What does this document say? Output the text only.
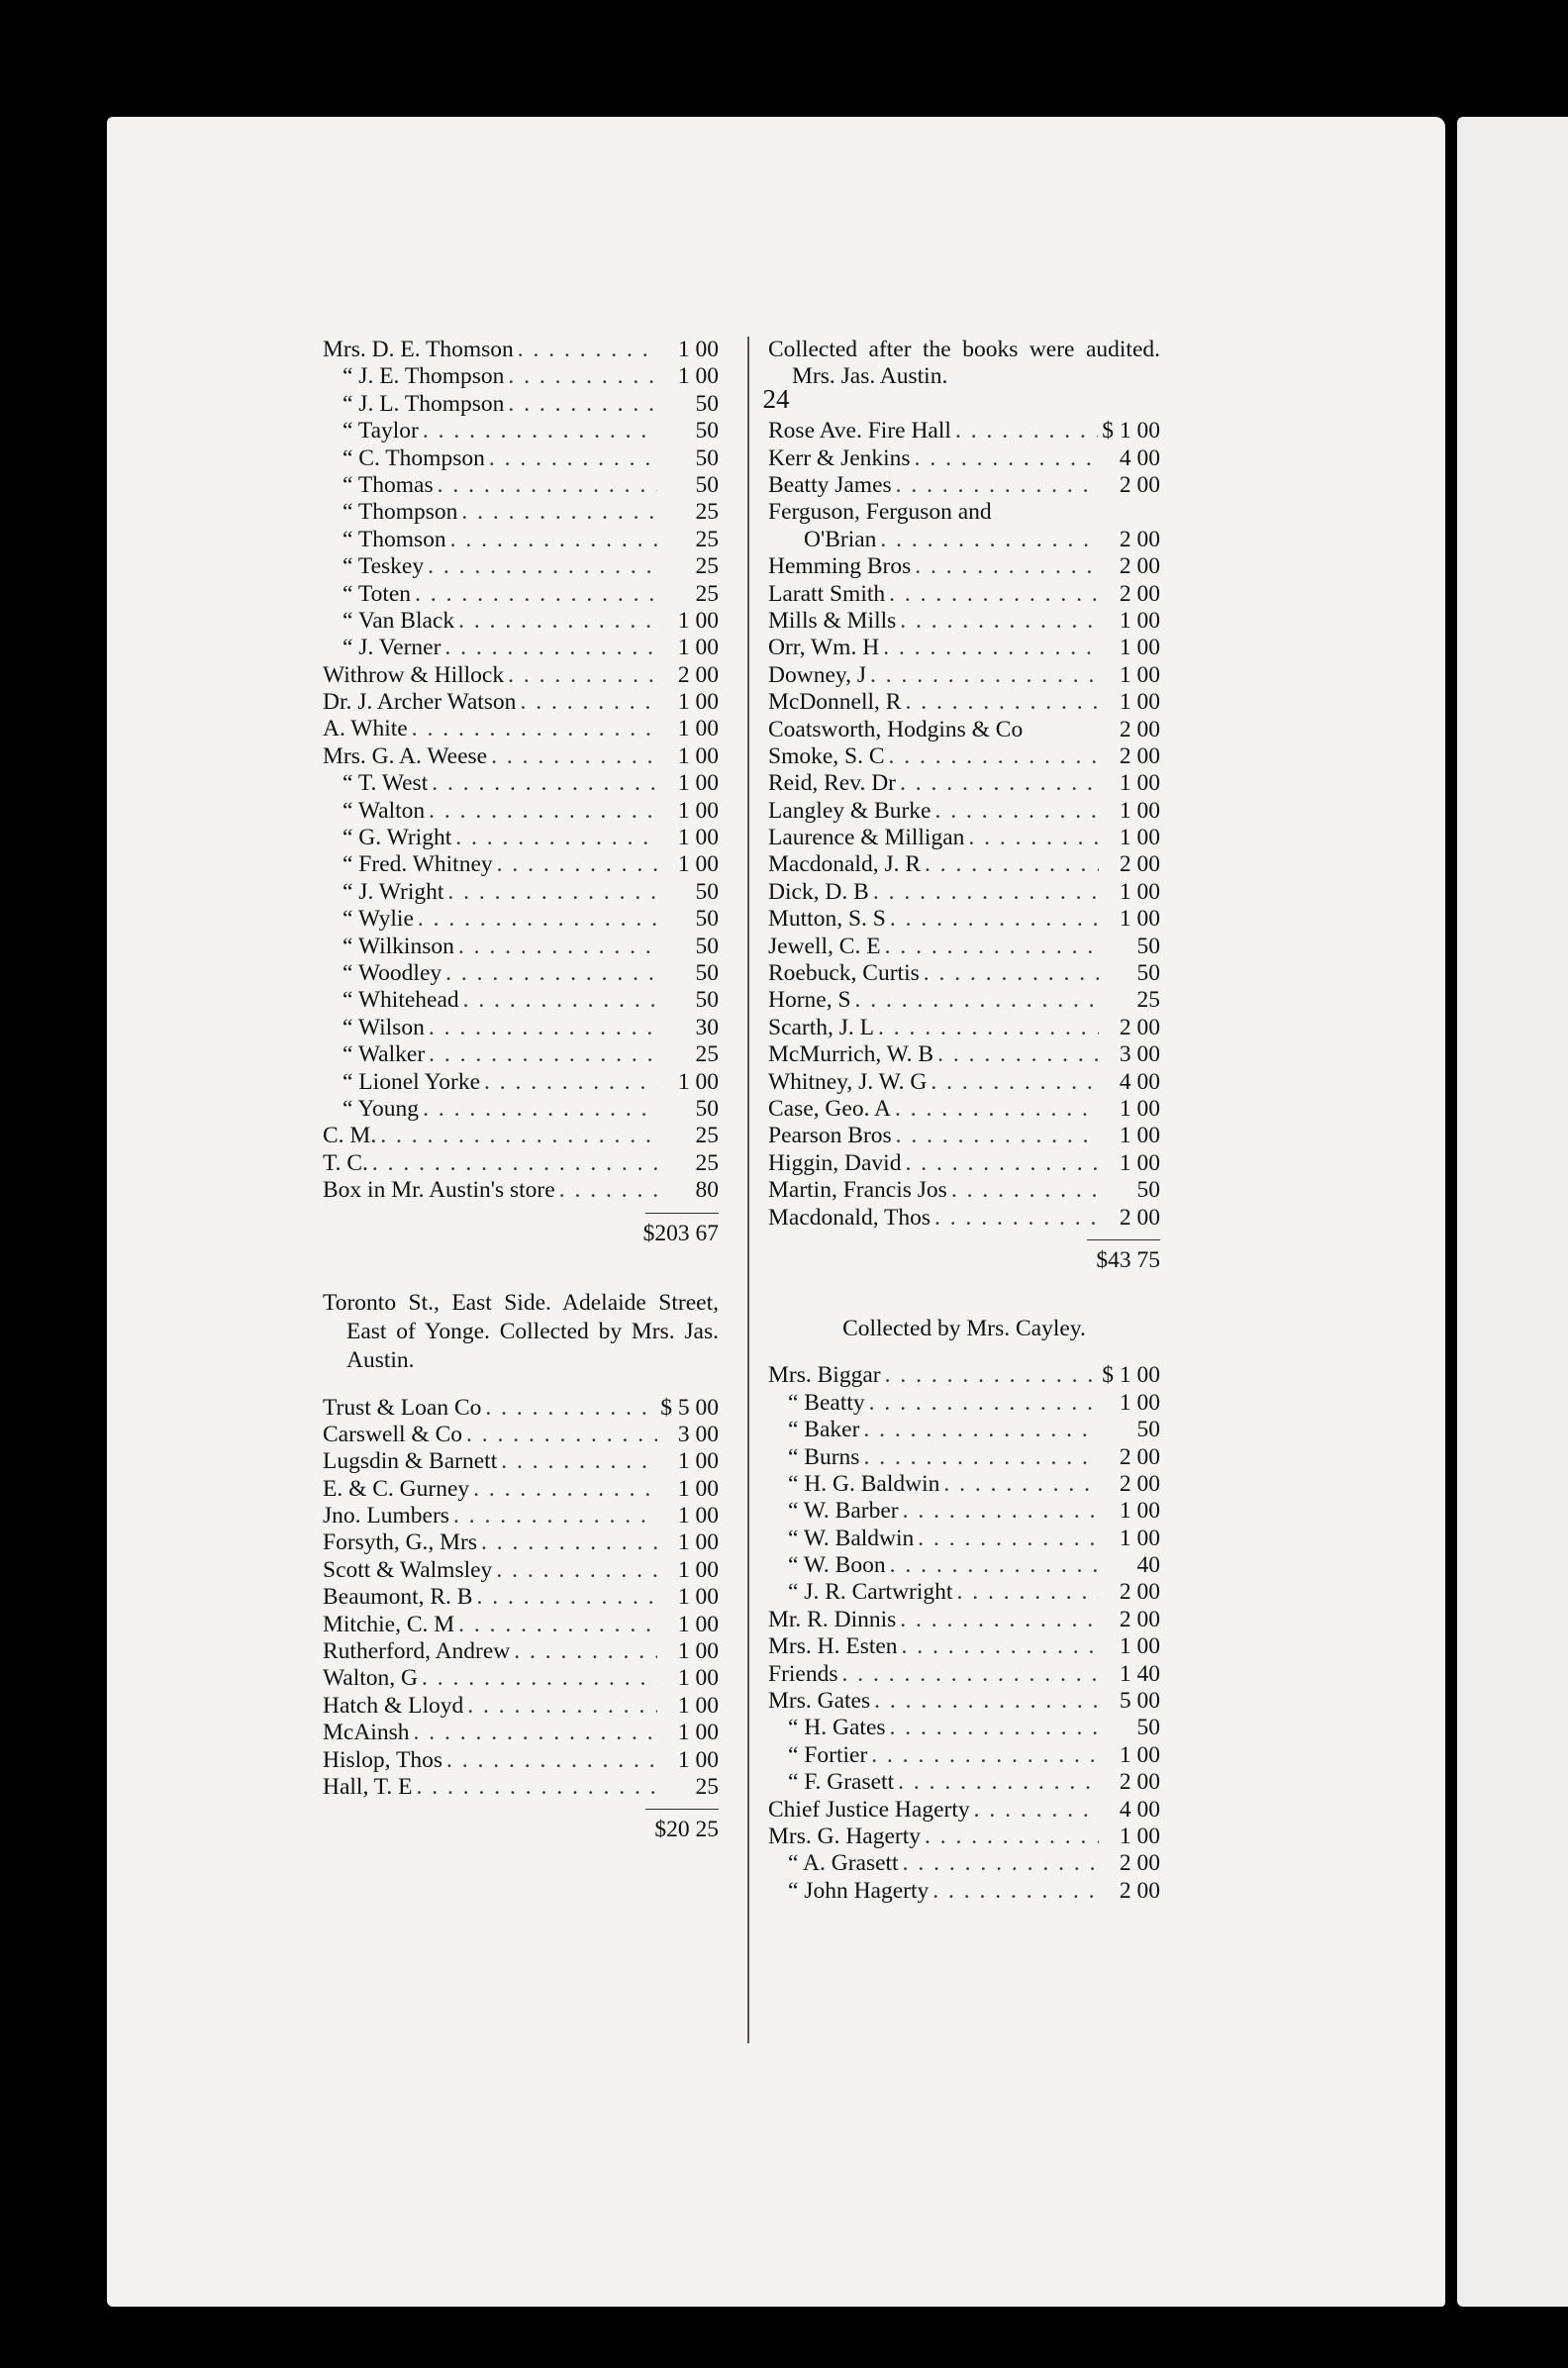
24
Mrs. D. E. Thomson . . .	1 00
“ J. E. Thompson . . .	1 00
“ J. L. Thompson . . .	50
“ Taylor . . .	50
“ C. Thompson . . .	50
“ Thomas . . .	50
“ Thompson . . .	25
“ Thomson . . .	25
“ Teskey . . .	25
“ Toten . . .	25
“ Van Black . . .	1 00
“ J. Verner . . .	1 00
Withrow & Hillock . . .	2 00
Dr. J. Archer Watson . . .	1 00
A. White . . .	1 00
Mrs. G. A. Weese . . .	1 00
“ T. West . . .	1 00
“ Walton . . .	1 00
“ G. Wright . . .	1 00
“ Fred. Whitney . . .	1 00
“ J. Wright . . .	50
“ Wylie . . .	50
“ Wilkinson . . .	50
“ Woodley . . .	50
“ Whitehead . . .	50
“ Wilson . . .	30
“ Walker . . .	25
“ Lionel Yorke . . .	1 00
“ Young . . .	50
C. M. . . .	25
T. C. . . .	25
Box in Mr. Austin's store . . .	80
$203 67
Toronto St., East Side. Adelaide Street, East of Yonge. Collected by Mrs. Jas. Austin.
Trust & Loan Co . . .	$ 5 00
Carswell & Co . . .	3 00
Lugsdin & Barnett . . .	1 00
E. & C. Gurney . . .	1 00
Jno. Lumbers . . .	1 00
Forsyth, G., Mrs . . .	1 00
Scott & Walmsley . . .	1 00
Beaumont, R. B . . .	1 00
Mitchie, C. M . . .	1 00
Rutherford, Andrew . . .	1 00
Walton, G . . .	1 00
Hatch & Lloyd . . .	1 00
McAinsh . . .	1 00
Hislop, Thos . . .	1 00
Hall, T. E . . .	25
$20 25
Collected after the books were audited. Mrs. Jas. Austin.
Rose Ave. Fire Hall . . .	$ 1 00
Kerr & Jenkins . . .	4 00
Beatty James . . .	2 00
Ferguson, Ferguson and
O'Brian . . .	2 00
Hemming Bros . . .	2 00
Laratt Smith . . .	2 00
Mills & Mills . . .	1 00
Orr, Wm. H . . .	1 00
Downey, J . . .	1 00
McDonnell, R . . .	1 00
Coatsworth, Hodgins & Co	2 00
Smoke, S. C . . .	2 00
Reid, Rev. Dr . . .	1 00
Langley & Burke . . .	1 00
Laurence & Milligan . . .	1 00
Macdonald, J. R . . .	2 00
Dick, D. B . . .	1 00
Mutton, S. S . . .	1 00
Jewell, C. E . . .	50
Roebuck, Curtis . . .	50
Horne, S . . .	25
Scarth, J. L . . .	2 00
McMurrich, W. B . . .	3 00
Whitney, J. W. G . . .	4 00
Case, Geo. A . . .	1 00
Pearson Bros . . .	1 00
Higgin, David . . .	1 00
Martin, Francis Jos . . .	50
Macdonald, Thos . . .	2 00
$43 75
Collected by Mrs. Cayley.
Mrs. Biggar . . .	$ 1 00
“ Beatty . . .	1 00
“ Baker . . .	50
“ Burns . . .	2 00
“ H. G. Baldwin . . .	2 00
“ W. Barber . . .	1 00
“ W. Baldwin . . .	1 00
“ W. Boon . . .	40
“ J. R. Cartwright . . .	2 00
Mr. R. Dinnis . . .	2 00
Mrs. H. Esten . . .	1 00
Friends . . .	1 40
Mrs. Gates . . .	5 00
“ H. Gates . . .	50
“ Fortier . . .	1 00
“ F. Grasett . . .	2 00
Chief Justice Hagerty . . .	4 00
Mrs. G. Hagerty . . .	1 00
“ A. Grasett . . .	2 00
“ John Hagerty . . .	2 00
